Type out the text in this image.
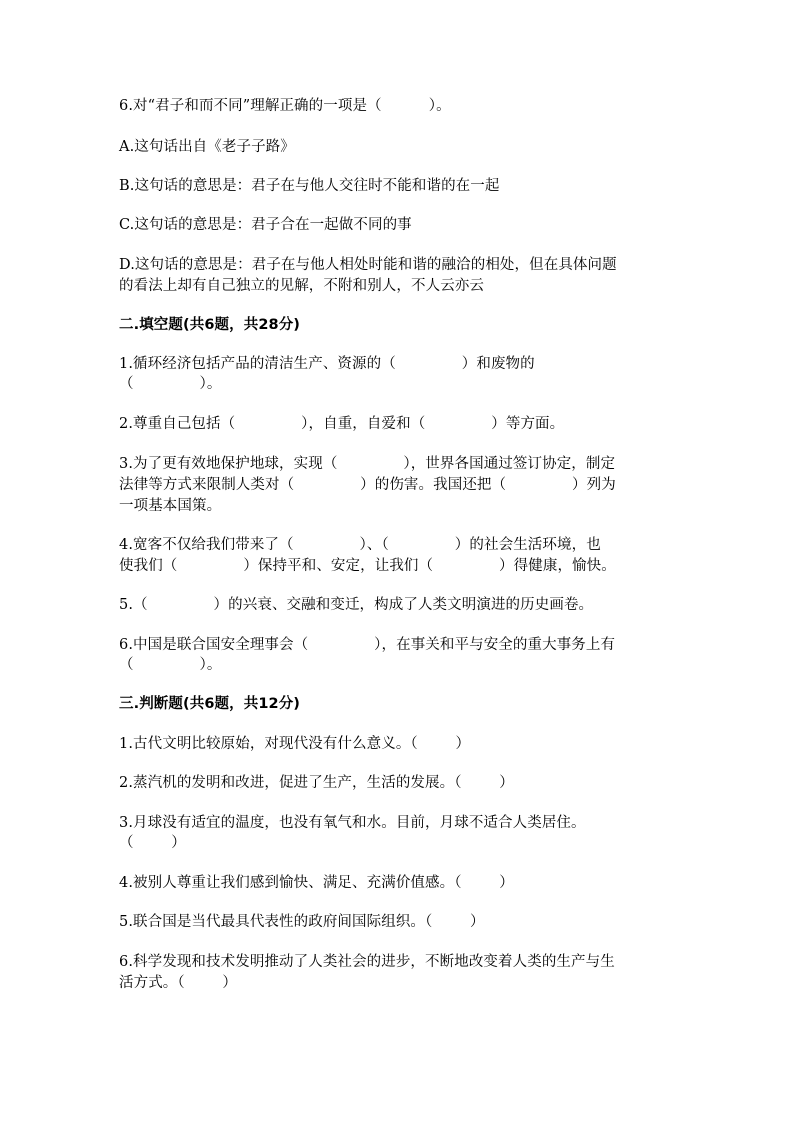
6.对“君子和而不同”理解正确的一项是（          ）。
A.这句话出自《老子子路》
B.这句话的意思是：君子在与他人交往时不能和谐的在一起
C.这句话的意思是：君子合在一起做不同的事
D.这句话的意思是：君子在与他人相处时能和谐的融洽的相处，但在具体问题
的看法上却有自己独立的见解，不附和别人，不人云亦云
二.填空题(共6题，共28分)
1.循环经济包括产品的清洁生产、资源的（              ）和废物的
（              ）。
2.尊重自己包括（              ），自重，自爱和（              ）等方面。
3.为了更有效地保护地球，实现（              ），世界各国通过签订协定，制定
法律等方式来限制人类对（              ）的伤害。我国还把（              ）列为
一项基本国策。
4.宽客不仅给我们带来了（              ）、（              ）的社会生活环境，也
使我们（              ）保持平和、安定，让我们（              ）得健康，愉快。
5.（              ）的兴衰、交融和变迁，构成了人类文明演进的历史画卷。
6.中国是联合国安全理事会（              ），在事关和平与安全的重大事务上有
（              ）。
三.判断题(共6题，共12分)
1.古代文明比较原始，对现代没有什么意义。（        ）
2.蒸汽机的发明和改进，促进了生产，生活的发展。（        ）
3.月球没有适宜的温度，也没有氧气和水。目前，月球不适合人类居住。
（        ）
4.被别人尊重让我们感到愉快、满足、充满价值感。（        ）
5.联合国是当代最具代表性的政府间国际组织。（        ）
6.科学发现和技术发明推动了人类社会的进步，不断地改变着人类的生产与生
活方式。（        ）
